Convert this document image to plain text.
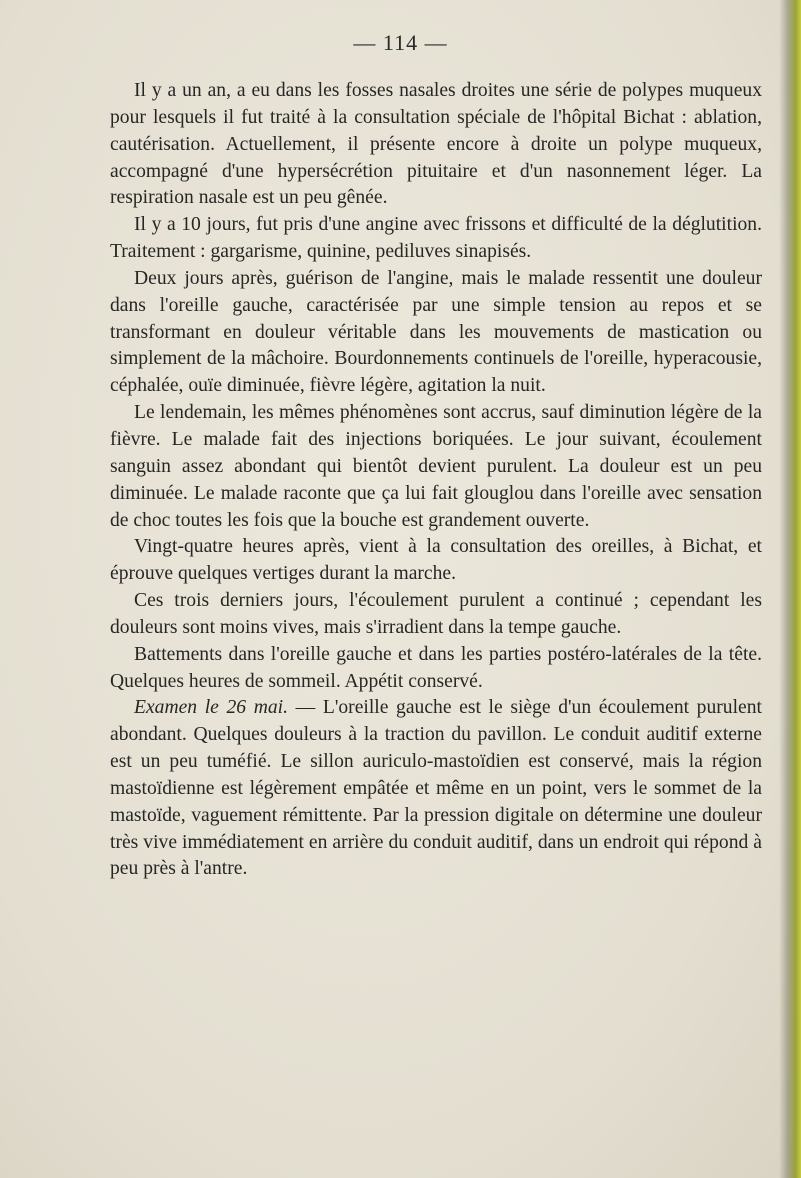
— 114 —

Il y a un an, a eu dans les fosses nasales droites une série de polypes muqueux pour lesquels il fut traité à la consultation spéciale de l'hôpital Bichat : ablation, cautérisation. Actuellement, il présente encore à droite un polype muqueux, accompagné d'une hypersécrétion pituitaire et d'un nasonnement léger. La respiration nasale est un peu gênée.

Il y a 10 jours, fut pris d'une angine avec frissons et difficulté de la déglutition. Traitement : gargarisme, quinine, pediluves sinapisés.

Deux jours après, guérison de l'angine, mais le malade ressentit une douleur dans l'oreille gauche, caractérisée par une simple tension au repos et se transformant en douleur véritable dans les mouvements de mastication ou simplement de la mâchoire. Bourdonnements continuels de l'oreille, hyperacousie, céphalée, ouïe diminuée, fièvre légère, agitation la nuit.

Le lendemain, les mêmes phénomènes sont accrus, sauf diminution légère de la fièvre. Le malade fait des injections boriquées. Le jour suivant, écoulement sanguin assez abondant qui bientôt devient purulent. La douleur est un peu diminuée. Le malade raconte que ça lui fait glouglou dans l'oreille avec sensation de choc toutes les fois que la bouche est grandement ouverte.

Vingt-quatre heures après, vient à la consultation des oreilles, à Bichat, et éprouve quelques vertiges durant la marche.

Ces trois derniers jours, l'écoulement purulent a continué ; cependant les douleurs sont moins vives, mais s'irradient dans la tempe gauche.

Battements dans l'oreille gauche et dans les parties postéro-latérales de la tête. Quelques heures de sommeil. Appétit conservé.

Examen le 26 mai. — L'oreille gauche est le siège d'un écoulement purulent abondant. Quelques douleurs à la traction du pavillon. Le conduit auditif externe est un peu tuméfié. Le sillon auriculo-mastoïdien est conservé, mais la région mastoïdienne est légèrement empâtée et même en un point, vers le sommet de la mastoïde, vaguement rémittente. Par la pression digitale on détermine une douleur très vive immédiatement en arrière du conduit auditif, dans un endroit qui répond à peu près à l'antre.
